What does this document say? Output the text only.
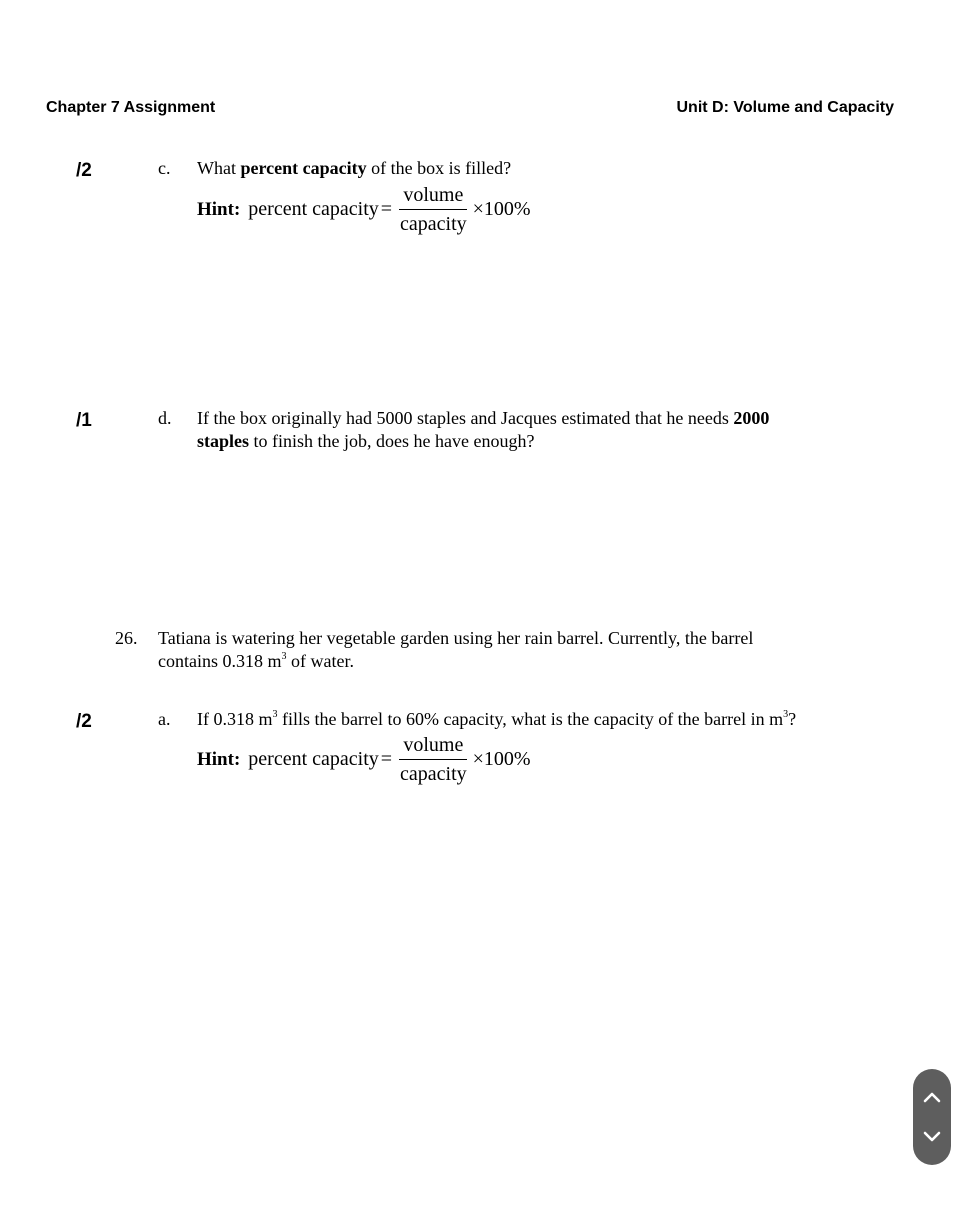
Chapter 7 Assignment	Unit D: Volume and Capacity
/2	c. What percent capacity of the box is filled?
Hint: percent capacity = $\frac{\text{volume}}{\text{capacity}} \times 100\%$
/1	d. If the box originally had 5000 staples and Jacques estimated that he needs 2000
staples to finish the job, does he have enough?
26. Tatiana is watering her vegetable garden using her rain barrel. Currently, the barrel
contains 0.318 $m^3$ of water.
/2	a. If 0.318 $m^3$ fills the barrel to 60% capacity, what is the capacity of the barrel in $m^3$?
Hint: percent capacity = $\frac{\text{volume}}{\text{capacity}} \times 100\%$
